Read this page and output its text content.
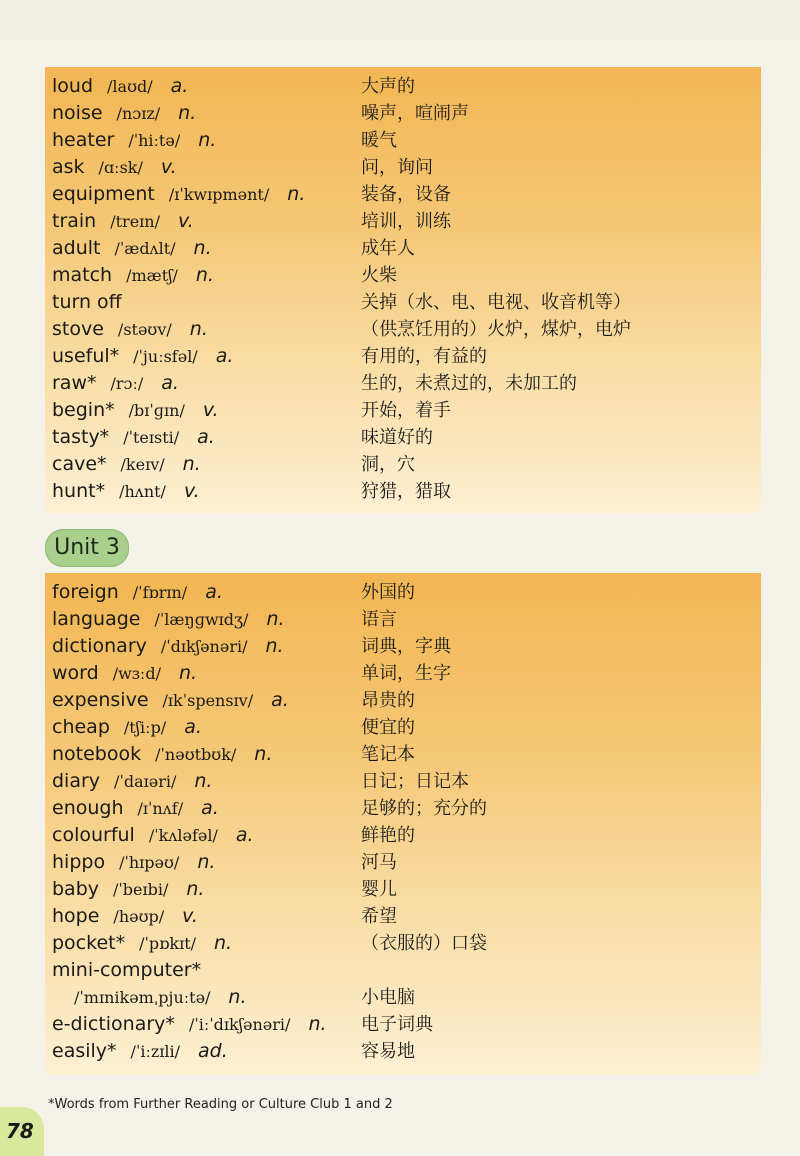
loud /laʊd/ a.	大声的
noise /nɔɪz/ n.	噪声，喧闹声
heater /ˈhiːtə/ n.	暖气
ask /ɑːsk/ v.	问，询问
equipment /ɪˈkwɪpmənt/ n.	装备，设备
train /treɪn/ v.	培训，训练
adult /ˈædʌlt/ n.	成年人
match /mætʃ/ n.	火柴
turn off	关掉（水、电、电视、收音机等）
stove /stəʊv/ n.	（供烹饪用的）火炉，煤炉，电炉
useful* /ˈjuːsfəl/ a.	有用的，有益的
raw* /rɔː/ a.	生的，未煮过的，未加工的
begin* /bɪˈɡɪn/ v.	开始，着手
tasty* /ˈteɪsti/ a.	味道好的
cave* /keɪv/ n.	洞，穴
hunt* /hʌnt/ v.	狩猎，猎取
Unit 3
foreign /ˈfɒrɪn/ a.	外国的
language /ˈlæŋɡwɪdʒ/ n.	语言
dictionary /ˈdɪkʃənəri/ n.	词典，字典
word /wɜːd/ n.	单词，生字
expensive /ɪkˈspensɪv/ a.	昂贵的
cheap /tʃiːp/ a.	便宜的
notebook /ˈnəʊtbʊk/ n.	笔记本
diary /ˈdaɪəri/ n.	日记；日记本
enough /ɪˈnʌf/ a.	足够的；充分的
colourful /ˈkʌləfəl/ a.	鲜艳的
hippo /ˈhɪpəʊ/ n.	河马
baby /ˈbeɪbi/ n.	婴儿
hope /həʊp/ v.	希望
pocket* /ˈpɒkɪt/ n.	（衣服的）口袋
mini-computer*
/ˈmɪnikəmˌpjuːtə/ n.	小电脑
e-dictionary* /ˈiːˈdɪkʃənəri/ n. 电子词典
easily* /ˈiːzɪli/ ad.	容易地
*Words from Further Reading or Culture Club 1 and 2
78
